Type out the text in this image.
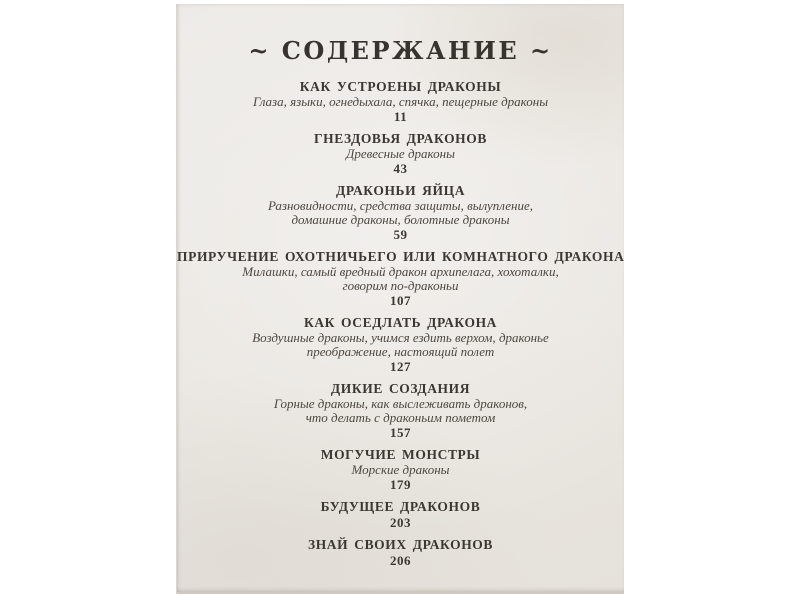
~ СОДЕРЖАНИЕ ~
КАК УСТРОЕНЫ ДРАКОНЫ
Глаза, языки, огнедыхала, спячка, пещерные драконы
11
ГНЕЗДОВЬЯ ДРАКОНОВ
Древесные драконы
43
ДРАКОНЬИ ЯЙЦА
Разновидности, средства защиты, вылупление,
домашние драконы, болотные драконы
59
ПРИРУЧЕНИЕ ОХОТНИЧЬЕГО ИЛИ КОМНАТНОГО ДРАКОНА
Милашки, самый вредный дракон архипелага, хохоталки,
говорим по-драконьи
107
КАК ОСЕДЛАТЬ ДРАКОНА
Воздушные драконы, учимся ездить верхом, драконье
преображение, настоящий полет
127
ДИКИЕ СОЗДАНИЯ
Горные драконы, как выслеживать драконов,
что делать с драконьим пометом
157
МОГУЧИЕ МОНСТРЫ
Морские драконы
179
БУДУЩЕЕ ДРАКОНОВ
203
ЗНАЙ СВОИХ ДРАКОНОВ
206
